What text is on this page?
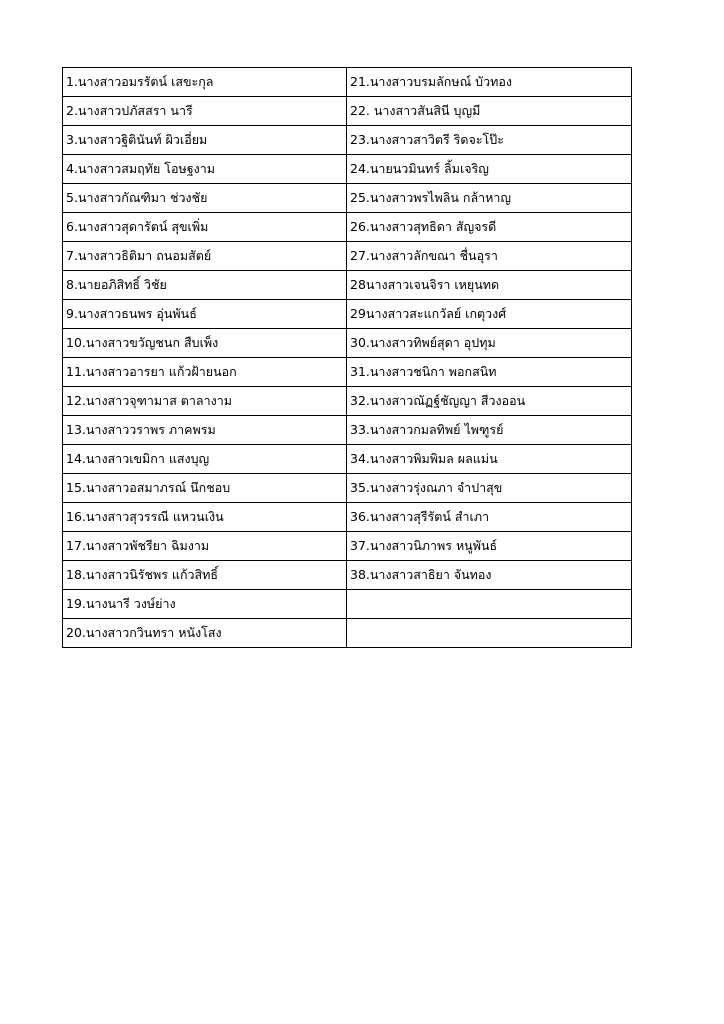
1.นางสาวอมรรัตน์ เสขะกุล	21.นางสาวบรมลักษณ์ บัวทอง
2.นางสาวปภัสสรา นารี	22. นางสาวสันสินี บุญมี
3.นางสาวฐิตินันท์ ผิวเอี่ยม	23.นางสาวสาวิตรี ริดจะโป๊ะ
4.นางสาวสมฤทัย โอษฐงาม	24.นายนวมินทร์ ลิ้มเจริญ
5.นางสาวกัณฑิมา ช่วงชัย	25.นางสาวพรไพลิน กล้าหาญ
6.นางสาวสุดารัตน์ สุขเพิ่ม	26.นางสาวสุทธิดา สัญจรดี
7.นางสาวธิติมา ถนอมสัตย์	27.นางสาวลักขณา ชื่นอุรา
8.นายอภิสิทธิ์ วิชัย	28นางสาวเจนจิรา เหยุนทด
9.นางสาวธนพร อุ่นพันธ์	29นางสาวสะแกวัลย์ เกตุวงศ์
10.นางสาวขวัญชนก สืบเพ็ง	30.นางสาวทิพย์สุดา อุปทุม
11.นางสาวอารยา แก้วฝ้ายนอก	31.นางสาวชนิกา พอกสนิท
12.นางสาวจุฑามาส ตาลางาม	32.นางสาวณัฏฐ์ชัญญา สีวงออน
13.นางสาววราพร ภาคพรม	33.นางสาวกมลทิพย์ ไพฑูรย์
14.นางสาวเขมิกา แสงบุญ	34.นางสาวพิมพิมล ผลแม่น
15.นางสาวอสมาภรณ์ นึกชอบ	35.นางสาวรุ่งณภา จำปาสุข
16.นางสาวสุวรรณี แหวนเงิน	36.นางสาวสุรีรัตน์ สำเภา
17.นางสาวพัชรียา ฉิมงาม	37.นางสาวนิภาพร หนูพันธ์
18.นางสาวนิรัชพร แก้วสิทธิ์	38.นางสาวสาธิยา จันทอง
19.นางนารี วงษ์ย่าง	
20.นางสาวกวินทรา หนังโสง	
